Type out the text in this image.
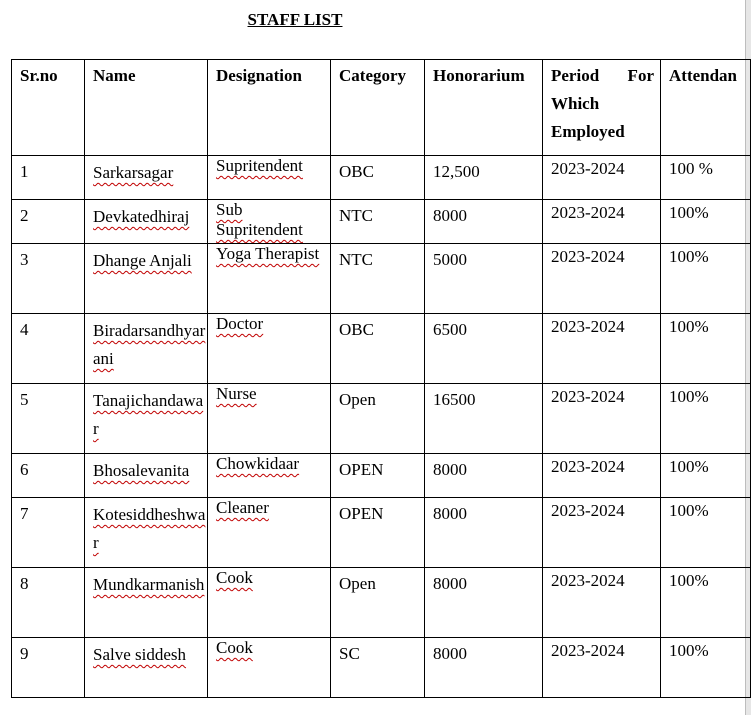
STAFF LIST
Sr.no	Name	Designation	Category	Honorarium	Period For Which Employed	Attendan
1	Sarkarsagar	Supritendent	OBC	12,500	2023-2024	100 %
2	Devkatedhiraj	Sub Supritendent	NTC	8000	2023-2024	100%
3	Dhange Anjali	Yoga Therapist	NTC	5000	2023-2024	100%
4	Biradarsandhyarani	Doctor	OBC	6500	2023-2024	100%
5	Tanajichandawar	Nurse	Open	16500	2023-2024	100%
6	Bhosalevanita	Chowkidaar	OPEN	8000	2023-2024	100%
7	Kotesiddheshwar	Cleaner	OPEN	8000	2023-2024	100%
8	Mundkarmanish	Cook	Open	8000	2023-2024	100%
9	Salve siddesh	Cook	SC	8000	2023-2024	100%
